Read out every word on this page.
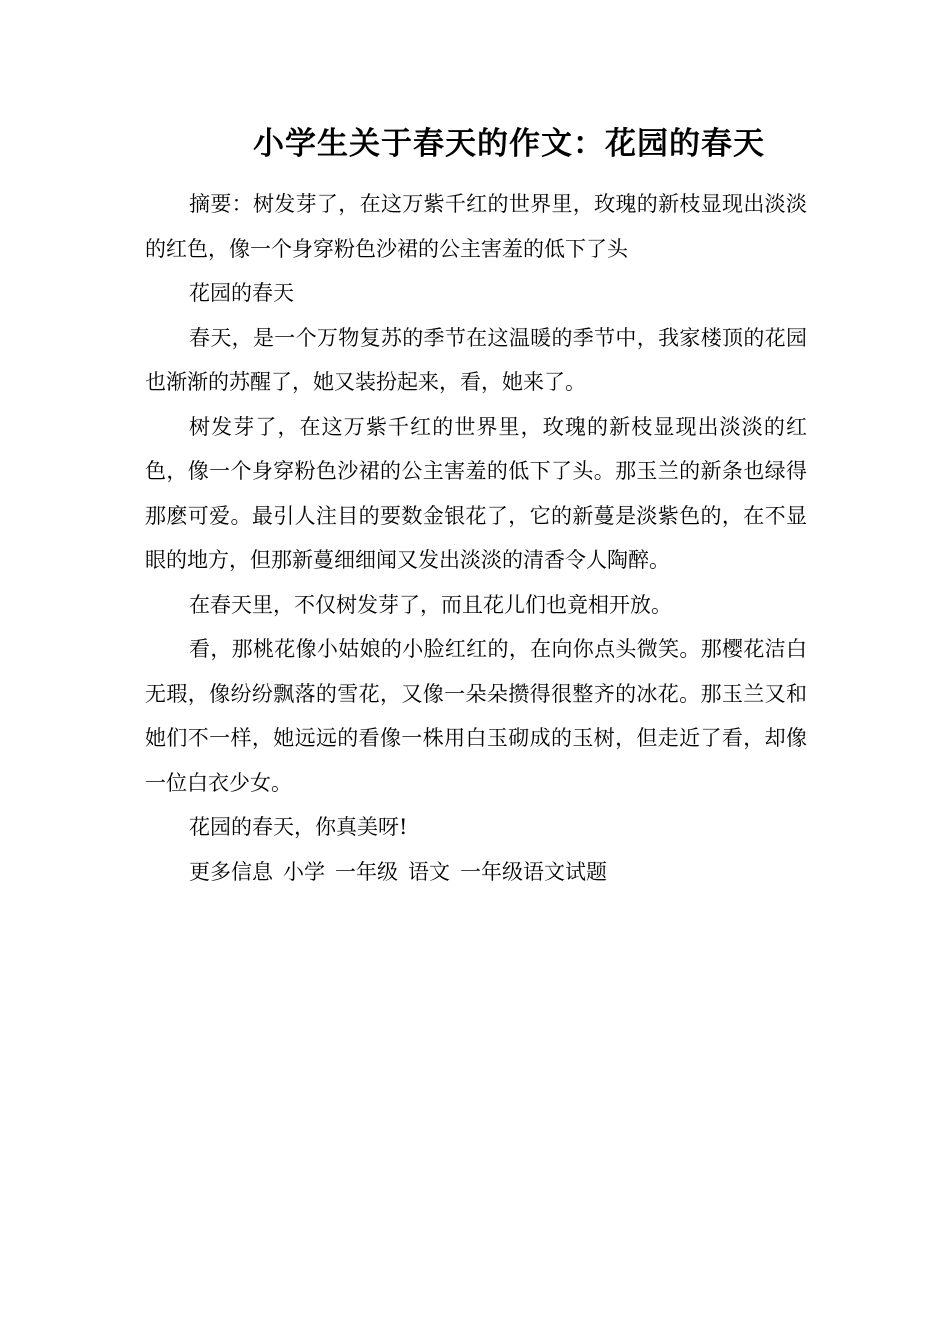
小学生关于春天的作文：花园的春天

摘要：树发芽了，在这万紫千红的世界里，玫瑰的新枝显现出淡淡的红色，像一个身穿粉色沙裙的公主害羞的低下了头

花园的春天

春天，是一个万物复苏的季节在这温暖的季节中，我家楼顶的花园也渐渐的苏醒了，她又装扮起来，看，她来了。

树发芽了，在这万紫千红的世界里，玫瑰的新枝显现出淡淡的红色，像一个身穿粉色沙裙的公主害羞的低下了头。那玉兰的新条也绿得那麽可爱。最引人注目的要数金银花了，它的新蔓是淡紫色的，在不显眼的地方，但那新蔓细细闻又发出淡淡的清香令人陶醉。

在春天里，不仅树发芽了，而且花儿们也竟相开放。

看，那桃花像小姑娘的小脸红红的，在向你点头微笑。那樱花洁白无瑕，像纷纷飘落的雪花，又像一朵朵攒得很整齐的冰花。那玉兰又和她们不一样，她远远的看像一株用白玉砌成的玉树，但走近了看，却像一位白衣少女。

花园的春天，你真美呀!

更多信息 小学 一年级 语文 一年级语文试题
